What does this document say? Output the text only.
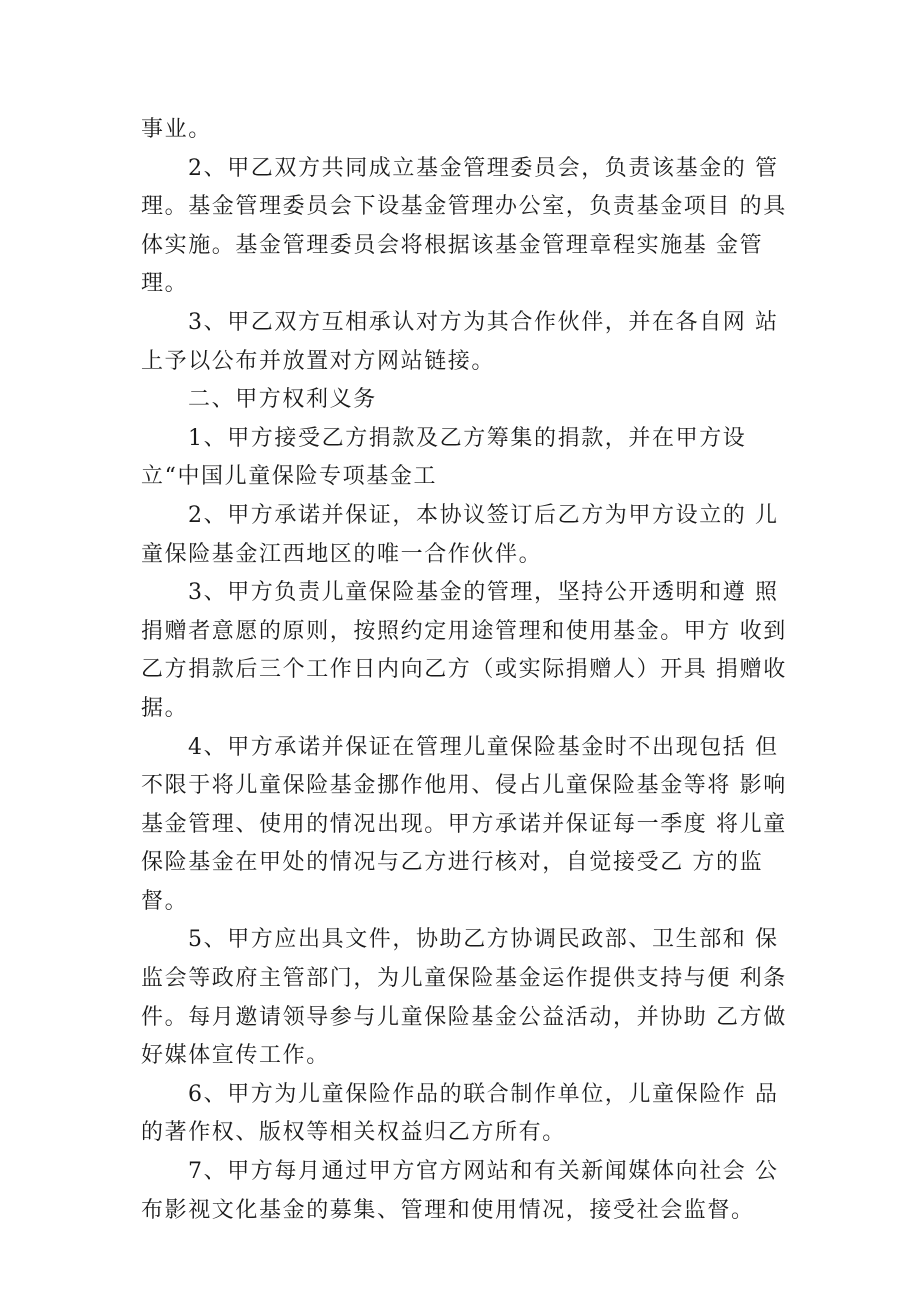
事业。

2、甲乙双方共同成立基金管理委员会，负责该基金的 管理。基金管理委员会下设基金管理办公室，负责基金项目 的具体实施。基金管理委员会将根据该基金管理章程实施基 金管理。

3、甲乙双方互相承认对方为其合作伙伴，并在各自网 站上予以公布并放置对方网站链接。

二、甲方权利义务

1、甲方接受乙方捐款及乙方筹集的捐款，并在甲方设 立“中国儿童保险专项基金工

2、甲方承诺并保证，本协议签订后乙方为甲方设立的 儿童保险基金江西地区的唯一合作伙伴。

3、甲方负责儿童保险基金的管理，坚持公开透明和遵 照捐赠者意愿的原则，按照约定用途管理和使用基金。甲方 收到乙方捐款后三个工作日内向乙方（或实际捐赠人）开具 捐赠收据。

4、甲方承诺并保证在管理儿童保险基金时不出现包括 但不限于将儿童保险基金挪作他用、侵占儿童保险基金等将 影响基金管理、使用的情况出现。甲方承诺并保证每一季度 将儿童保险基金在甲处的情况与乙方进行核对，自觉接受乙 方的监督。

5、甲方应出具文件，协助乙方协调民政部、卫生部和 保监会等政府主管部门，为儿童保险基金运作提供支持与便 利条件。每月邀请领导参与儿童保险基金公益活动，并协助 乙方做好媒体宣传工作。

6、甲方为儿童保险作品的联合制作单位，儿童保险作 品的著作权、版权等相关权益归乙方所有。

7、甲方每月通过甲方官方网站和有关新闻媒体向社会 公布影视文化基金的募集、管理和使用情况，接受社会监督。
